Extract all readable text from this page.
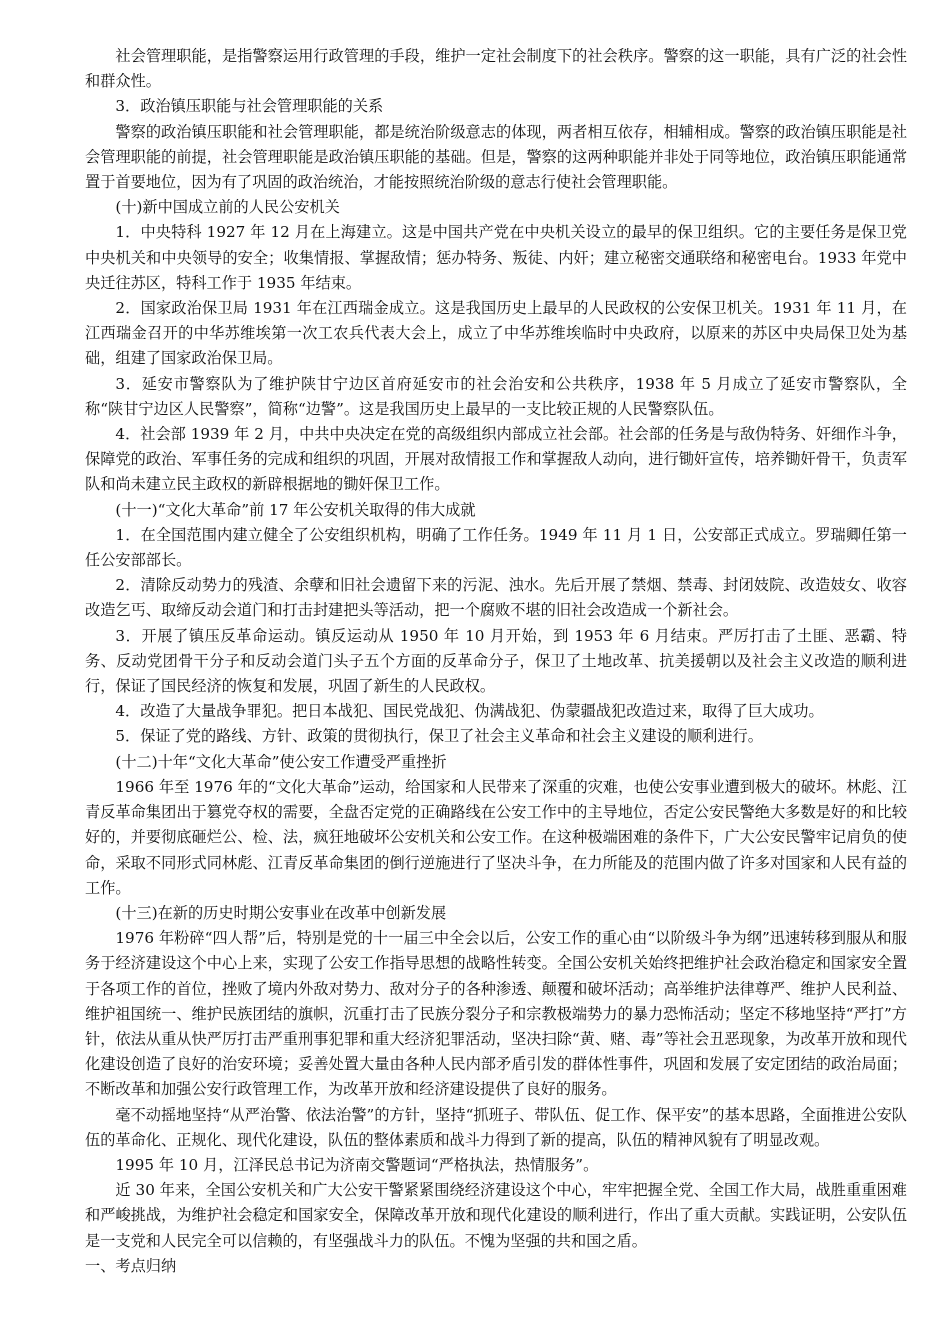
社会管理职能，是指警察运用行政管理的手段，维护一定社会制度下的社会秩序。警察的这一职能，具有广泛的社会性和群众性。

3．政治镇压职能与社会管理职能的关系

警察的政治镇压职能和社会管理职能，都是统治阶级意志的体现，两者相互依存，相辅相成。警察的政治镇压职能是社会管理职能的前提，社会管理职能是政治镇压职能的基础。但是，警察的这两种职能并非处于同等地位，政治镇压职能通常置于首要地位，因为有了巩固的政治统治，才能按照统治阶级的意志行使社会管理职能。

(十)新中国成立前的人民公安机关

1．中央特科 1927 年 12 月在上海建立。这是中国共产党在中央机关设立的最早的保卫组织。它的主要任务是保卫党中央机关和中央领导的安全；收集情报、掌握敌情；惩办特务、叛徒、内奸；建立秘密交通联络和秘密电台。1933 年党中央迁往苏区，特科工作于 1935 年结束。

2．国家政治保卫局 1931 年在江西瑞金成立。这是我国历史上最早的人民政权的公安保卫机关。1931 年 11 月，在江西瑞金召开的中华苏维埃第一次工农兵代表大会上，成立了中华苏维埃临时中央政府，以原来的苏区中央局保卫处为基础，组建了国家政治保卫局。

3．延安市警察队为了维护陕甘宁边区首府延安市的社会治安和公共秩序，1938 年 5 月成立了延安市警察队，全称“陕甘宁边区人民警察”，简称“边警”。这是我国历史上最早的一支比较正规的人民警察队伍。

4．社会部 1939 年 2 月，中共中央决定在党的高级组织内部成立社会部。社会部的任务是与敌伪特务、奸细作斗争，保障党的政治、军事任务的完成和组织的巩固，开展对敌情报工作和掌握敌人动向，进行锄奸宣传，培养锄奸骨干，负责军队和尚未建立民主政权的新辟根据地的锄奸保卫工作。

(十一)“文化大革命”前 17 年公安机关取得的伟大成就

1．在全国范围内建立健全了公安组织机构，明确了工作任务。1949 年 11 月 1 日，公安部正式成立。罗瑞卿任第一任公安部部长。

2．清除反动势力的残渣、余孽和旧社会遗留下来的污泥、浊水。先后开展了禁烟、禁毒、封闭妓院、改造妓女、收容改造乞丐、取缔反动会道门和打击封建把头等活动，把一个腐败不堪的旧社会改造成一个新社会。

3．开展了镇压反革命运动。镇反运动从 1950 年 10 月开始，到 1953 年 6 月结束。严厉打击了土匪、恶霸、特务、反动党团骨干分子和反动会道门头子五个方面的反革命分子，保卫了土地改革、抗美援朝以及社会主义改造的顺利进行，保证了国民经济的恢复和发展，巩固了新生的人民政权。

4．改造了大量战争罪犯。把日本战犯、国民党战犯、伪满战犯、伪蒙疆战犯改造过来，取得了巨大成功。

5．保证了党的路线、方针、政策的贯彻执行，保卫了社会主义革命和社会主义建设的顺利进行。

(十二)十年“文化大革命”使公安工作遭受严重挫折

1966 年至 1976 年的“文化大革命”运动，给国家和人民带来了深重的灾难，也使公安事业遭到极大的破坏。林彪、江青反革命集团出于篡党夺权的需要，全盘否定党的正确路线在公安工作中的主导地位，否定公安民警绝大多数是好的和比较好的，并要彻底砸烂公、检、法，疯狂地破坏公安机关和公安工作。在这种极端困难的条件下，广大公安民警牢记肩负的使命，采取不同形式同林彪、江青反革命集团的倒行逆施进行了坚决斗争，在力所能及的范围内做了许多对国家和人民有益的工作。

(十三)在新的历史时期公安事业在改革中创新发展

1976 年粉碎“四人帮”后，特别是党的十一届三中全会以后，公安工作的重心由“以阶级斗争为纲”迅速转移到服从和服务于经济建设这个中心上来，实现了公安工作指导思想的战略性转变。全国公安机关始终把维护社会政治稳定和国家安全置于各项工作的首位，挫败了境内外敌对势力、敌对分子的各种渗透、颠覆和破坏活动；高举维护法律尊严、维护人民利益、维护祖国统一、维护民族团结的旗帜，沉重打击了民族分裂分子和宗教极端势力的暴力恐怖活动；坚定不移地坚持“严打”方针，依法从重从快严厉打击严重刑事犯罪和重大经济犯罪活动，坚决扫除“黄、赌、毒”等社会丑恶现象，为改革开放和现代化建设创造了良好的治安环境；妥善处置大量由各种人民内部矛盾引发的群体性事件，巩固和发展了安定团结的政治局面；不断改革和加强公安行政管理工作，为改革开放和经济建设提供了良好的服务。

毫不动摇地坚持“从严治警、依法治警”的方针，坚持“抓班子、带队伍、促工作、保平安”的基本思路，全面推进公安队伍的革命化、正规化、现代化建设，队伍的整体素质和战斗力得到了新的提高，队伍的精神风貌有了明显改观。

1995 年 10 月，江泽民总书记为济南交警题词“严格执法，热情服务”。

近 30 年来，全国公安机关和广大公安干警紧紧围绕经济建设这个中心，牢牢把握全党、全国工作大局，战胜重重困难和严峻挑战，为维护社会稳定和国家安全，保障改革开放和现代化建设的顺利进行，作出了重大贡献。实践证明，公安队伍是一支党和人民完全可以信赖的，有坚强战斗力的队伍。不愧为坚强的共和国之盾。

一、考点归纳
